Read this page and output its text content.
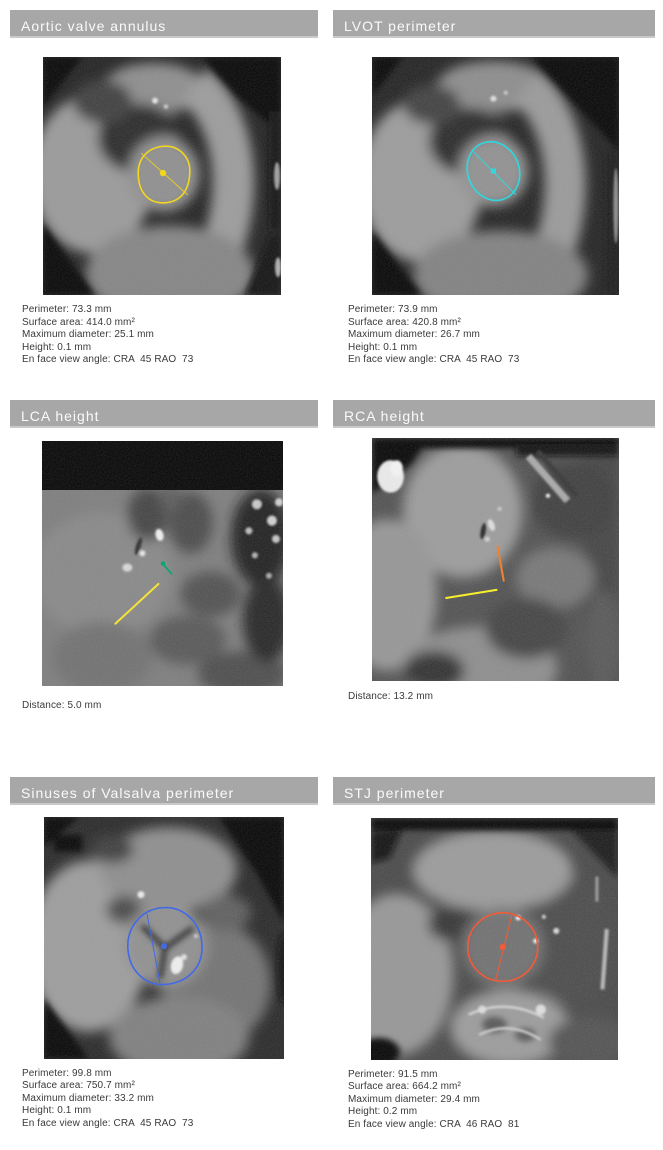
Aortic valve annulus
Perimeter: 73.3 mm
Surface area: 414.0 mm²
Maximum diameter: 25.1 mm
Height: 0.1 mm
En face view angle: CRA  45 RAO  73
LVOT perimeter
Perimeter: 73.9 mm
Surface area: 420.8 mm²
Maximum diameter: 26.7 mm
Height: 0.1 mm
En face view angle: CRA  45 RAO  73
LCA height
Distance: 5.0 mm
RCA height
Distance: 13.2 mm
Sinuses of Valsalva perimeter
Perimeter: 99.8 mm
Surface area: 750.7 mm²
Maximum diameter: 33.2 mm
Height: 0.1 mm
En face view angle: CRA  45 RAO  73
STJ perimeter
Perimeter: 91.5 mm
Surface area: 664.2 mm²
Maximum diameter: 29.4 mm
Height: 0.2 mm
En face view angle: CRA  46 RAO  81
